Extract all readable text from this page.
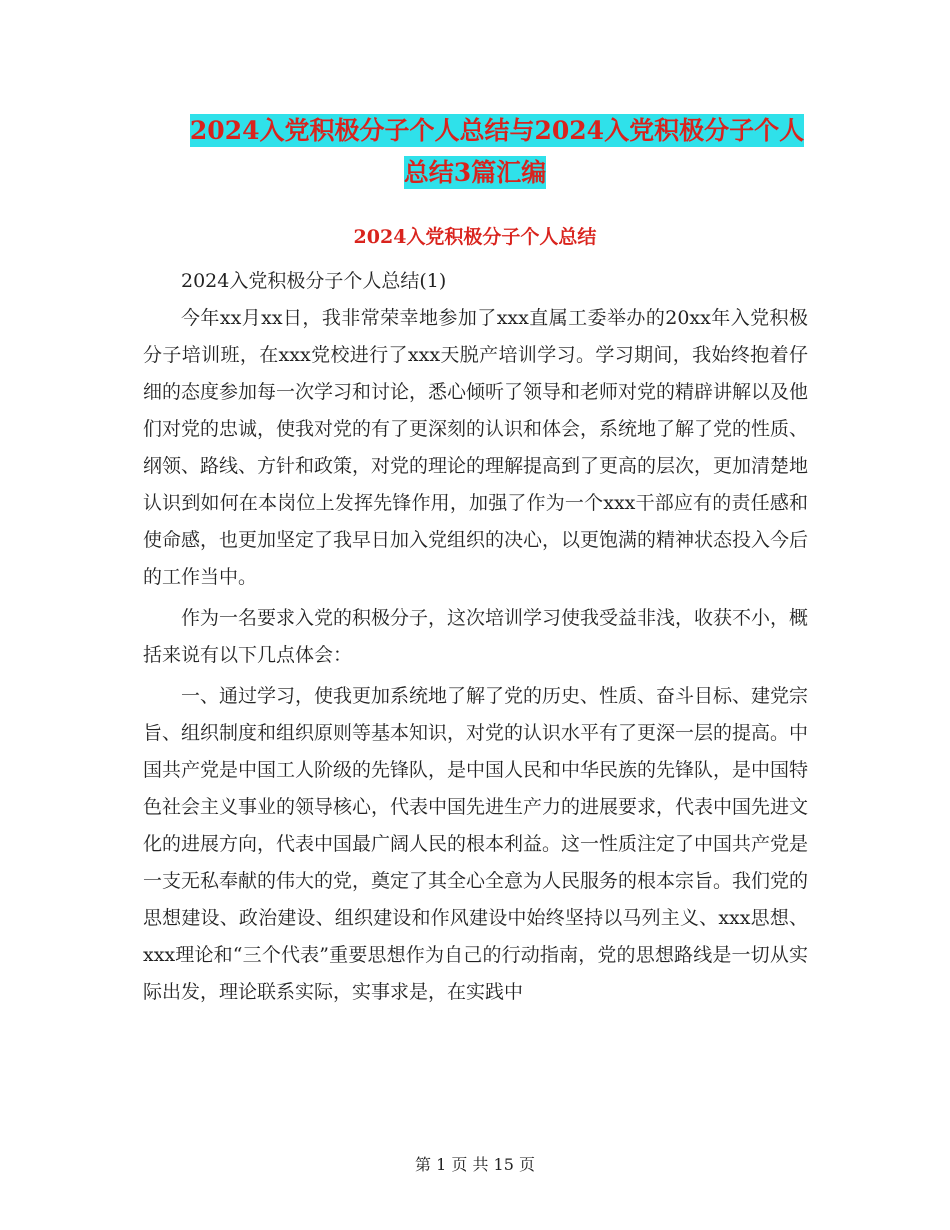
2024入党积极分子个人总结与2024入党积极分子个人
总结3篇汇编
2024入党积极分子个人总结

2024入党积极分子个人总结(1)

今年xx月xx日，我非常荣幸地参加了xxx直属工委举办的20xx年入党积极分子培训班，在xxx党校进行了xxx天脱产培训学习。学习期间，我始终抱着仔细的态度参加每一次学习和讨论，悉心倾听了领导和老师对党的精辟讲解以及他们对党的忠诚，使我对党的有了更深刻的认识和体会，系统地了解了党的性质、纲领、路线、方针和政策，对党的理论的理解提高到了更高的层次，更加清楚地认识到如何在本岗位上发挥先锋作用，加强了作为一个xxx干部应有的责任感和使命感，也更加坚定了我早日加入党组织的决心，以更饱满的精神状态投入今后的工作当中。

作为一名要求入党的积极分子，这次培训学习使我受益非浅，收获不小，概括来说有以下几点体会：

一、通过学习，使我更加系统地了解了党的历史、性质、奋斗目标、建党宗旨、组织制度和组织原则等基本知识，对党的认识水平有了更深一层的提高。中国共产党是中国工人阶级的先锋队，是中国人民和中华民族的先锋队，是中国特色社会主义事业的领导核心，代表中国先进生产力的进展要求，代表中国先进文化的进展方向，代表中国最广阔人民的根本利益。这一性质注定了中国共产党是一支无私奉献的伟大的党，奠定了其全心全意为人民服务的根本宗旨。我们党的思想建设、政治建设、组织建设和作风建设中始终坚持以马列主义、xxx思想、xxx理论和“三个代表”重要思想作为自己的行动指南，党的思想路线是一切从实际出发，理论联系实际，实事求是，在实践中

第 1 页 共 15 页
